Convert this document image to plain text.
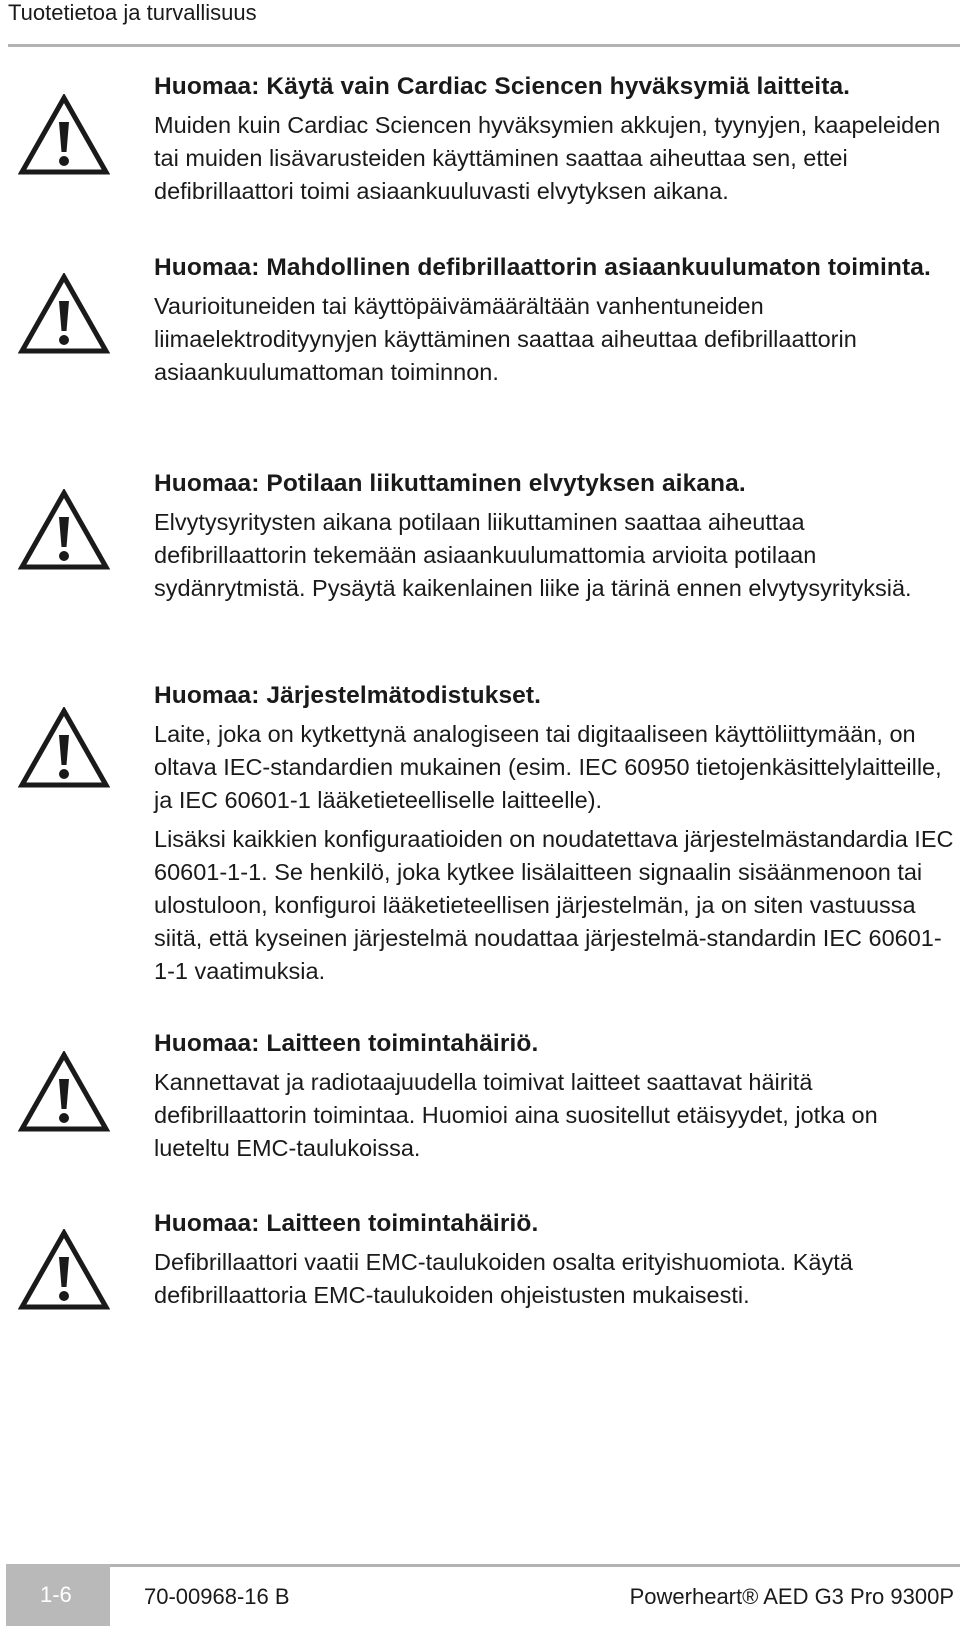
Tuotetietoa ja turvallisuus

Huomaa: Käytä vain Cardiac Sciencen hyväksymiä laitteita.

Muiden kuin Cardiac Sciencen hyväksymien akkujen, tyynyjen, kaapeleiden tai muiden lisävarusteiden käyttäminen saattaa aiheuttaa sen, ettei defibrillaattori toimi asiaankuuluvasti elvytyksen aikana.

Huomaa: Mahdollinen defibrillaattorin asiaankuulumaton toiminta.

Vaurioituneiden tai käyttöpäivämäärältään vanhentuneiden liimaelektrodityynyjen käyttäminen saattaa aiheuttaa defibrillaattorin asiaankuulumattoman toiminnon.

Huomaa: Potilaan liikuttaminen elvytyksen aikana.

Elvytysyritysten aikana potilaan liikuttaminen saattaa aiheuttaa defibrillaattorin tekemään asiaankuulumattomia arvioita potilaan sydänrytmistä. Pysäytä kaikenlainen liike ja tärinä ennen elvytysyrityksiä.

Huomaa: Järjestelmätodistukset.

Laite, joka on kytkettynä analogiseen tai digitaaliseen käyttöliittymään, on oltava IEC-standardien mukainen (esim. IEC 60950 tietojenkäsittelylaitteille, ja IEC 60601-1 lääketieteelliselle laitteelle).

Lisäksi kaikkien konfiguraatioiden on noudatettava järjestelmästandardia IEC 60601-1-1. Se henkilö, joka kytkee lisälaitteen signaalin sisäänmenoon tai ulostuloon, konfiguroi lääketieteellisen järjestelmän, ja on siten vastuussa siitä, että kyseinen järjestelmä noudattaa järjestelmä-standardin IEC 60601-1-1 vaatimuksia.

Huomaa: Laitteen toimintahäiriö.

Kannettavat ja radiotaajuudella toimivat laitteet saattavat häiritä defibrillaattorin toimintaa. Huomioi aina suositellut etäisyydet, jotka on lueteltu EMC-taulukoissa.

Huomaa: Laitteen toimintahäiriö.

Defibrillaattori vaatii EMC-taulukoiden osalta erityishuomiota. Käytä defibrillaattoria EMC-taulukoiden ohjeistusten mukaisesti.

1-6	70-00968-16 B	Powerheart® AED G3 Pro 9300P
